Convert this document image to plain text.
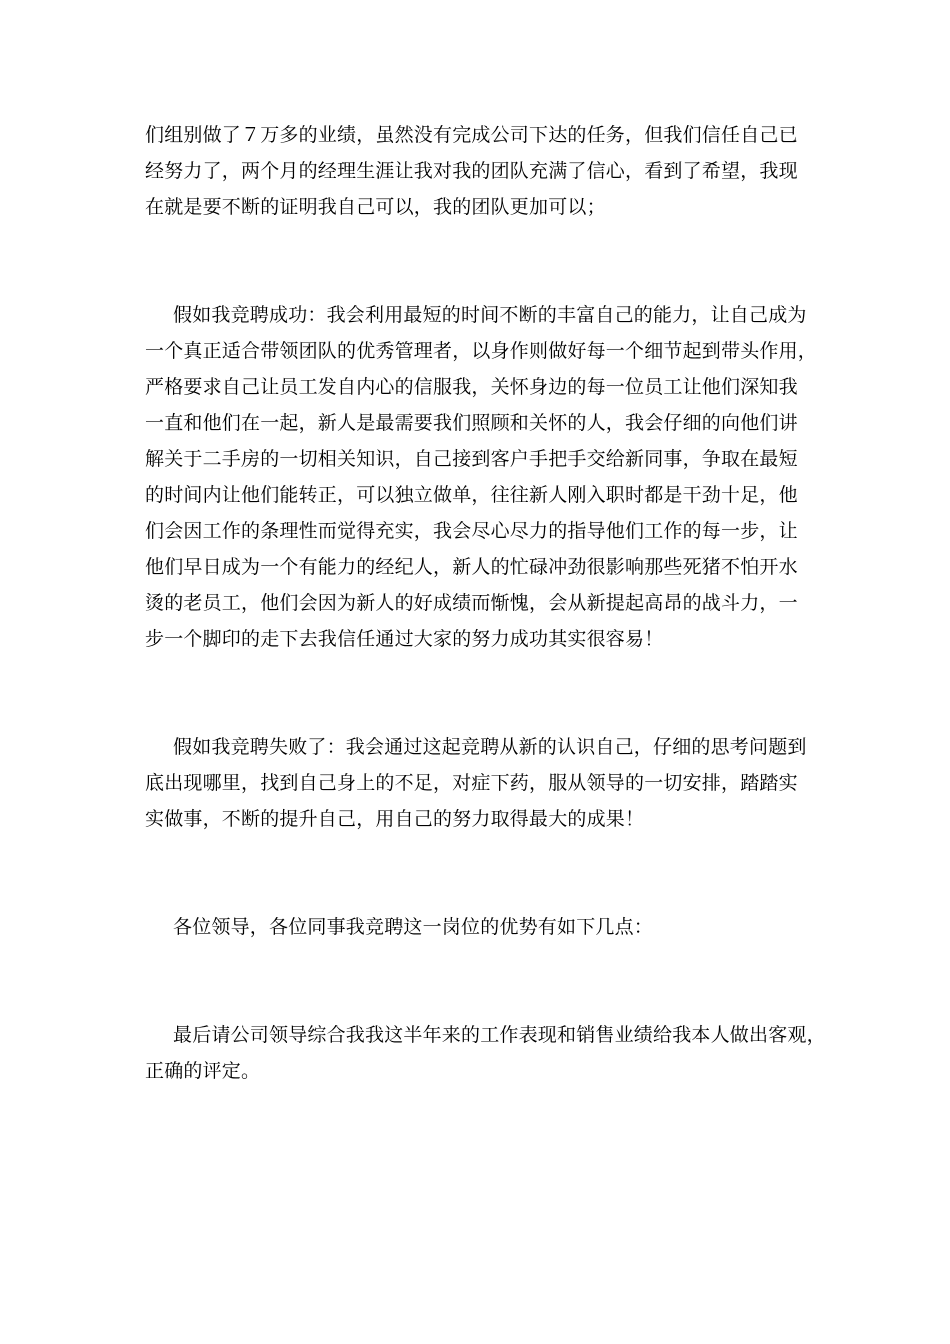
们组别做了７万多的业绩，虽然没有完成公司下达的任务，但我们信任自己已
经努力了，两个月的经理生涯让我对我的团队充满了信心，看到了希望，我现
在就是要不断的证明我自己可以，我的团队更加可以；
假如我竞聘成功：我会利用最短的时间不断的丰富自己的能力，让自己成为
一个真正适合带领团队的优秀管理者，以身作则做好每一个细节起到带头作用，
严格要求自己让员工发自内心的信服我，关怀身边的每一位员工让他们深知我
一直和他们在一起，新人是最需要我们照顾和关怀的人，我会仔细的向他们讲
解关于二手房的一切相关知识，自己接到客户手把手交给新同事，争取在最短
的时间内让他们能转正，可以独立做单，往往新人刚入职时都是干劲十足，他
们会因工作的条理性而觉得充实，我会尽心尽力的指导他们工作的每一步，让
他们早日成为一个有能力的经纪人，新人的忙碌冲劲很影响那些死猪不怕开水
烫的老员工，他们会因为新人的好成绩而惭愧，会从新提起高昂的战斗力，一
步一个脚印的走下去我信任通过大家的努力成功其实很容易！
假如我竞聘失败了：我会通过这起竞聘从新的认识自己，仔细的思考问题到
底出现哪里，找到自己身上的不足，对症下药，服从领导的一切安排，踏踏实
实做事，不断的提升自己，用自己的努力取得最大的成果！
各位领导，各位同事我竞聘这一岗位的优势有如下几点：
最后请公司领导综合我我这半年来的工作表现和销售业绩给我本人做出客观，
正确的评定。
